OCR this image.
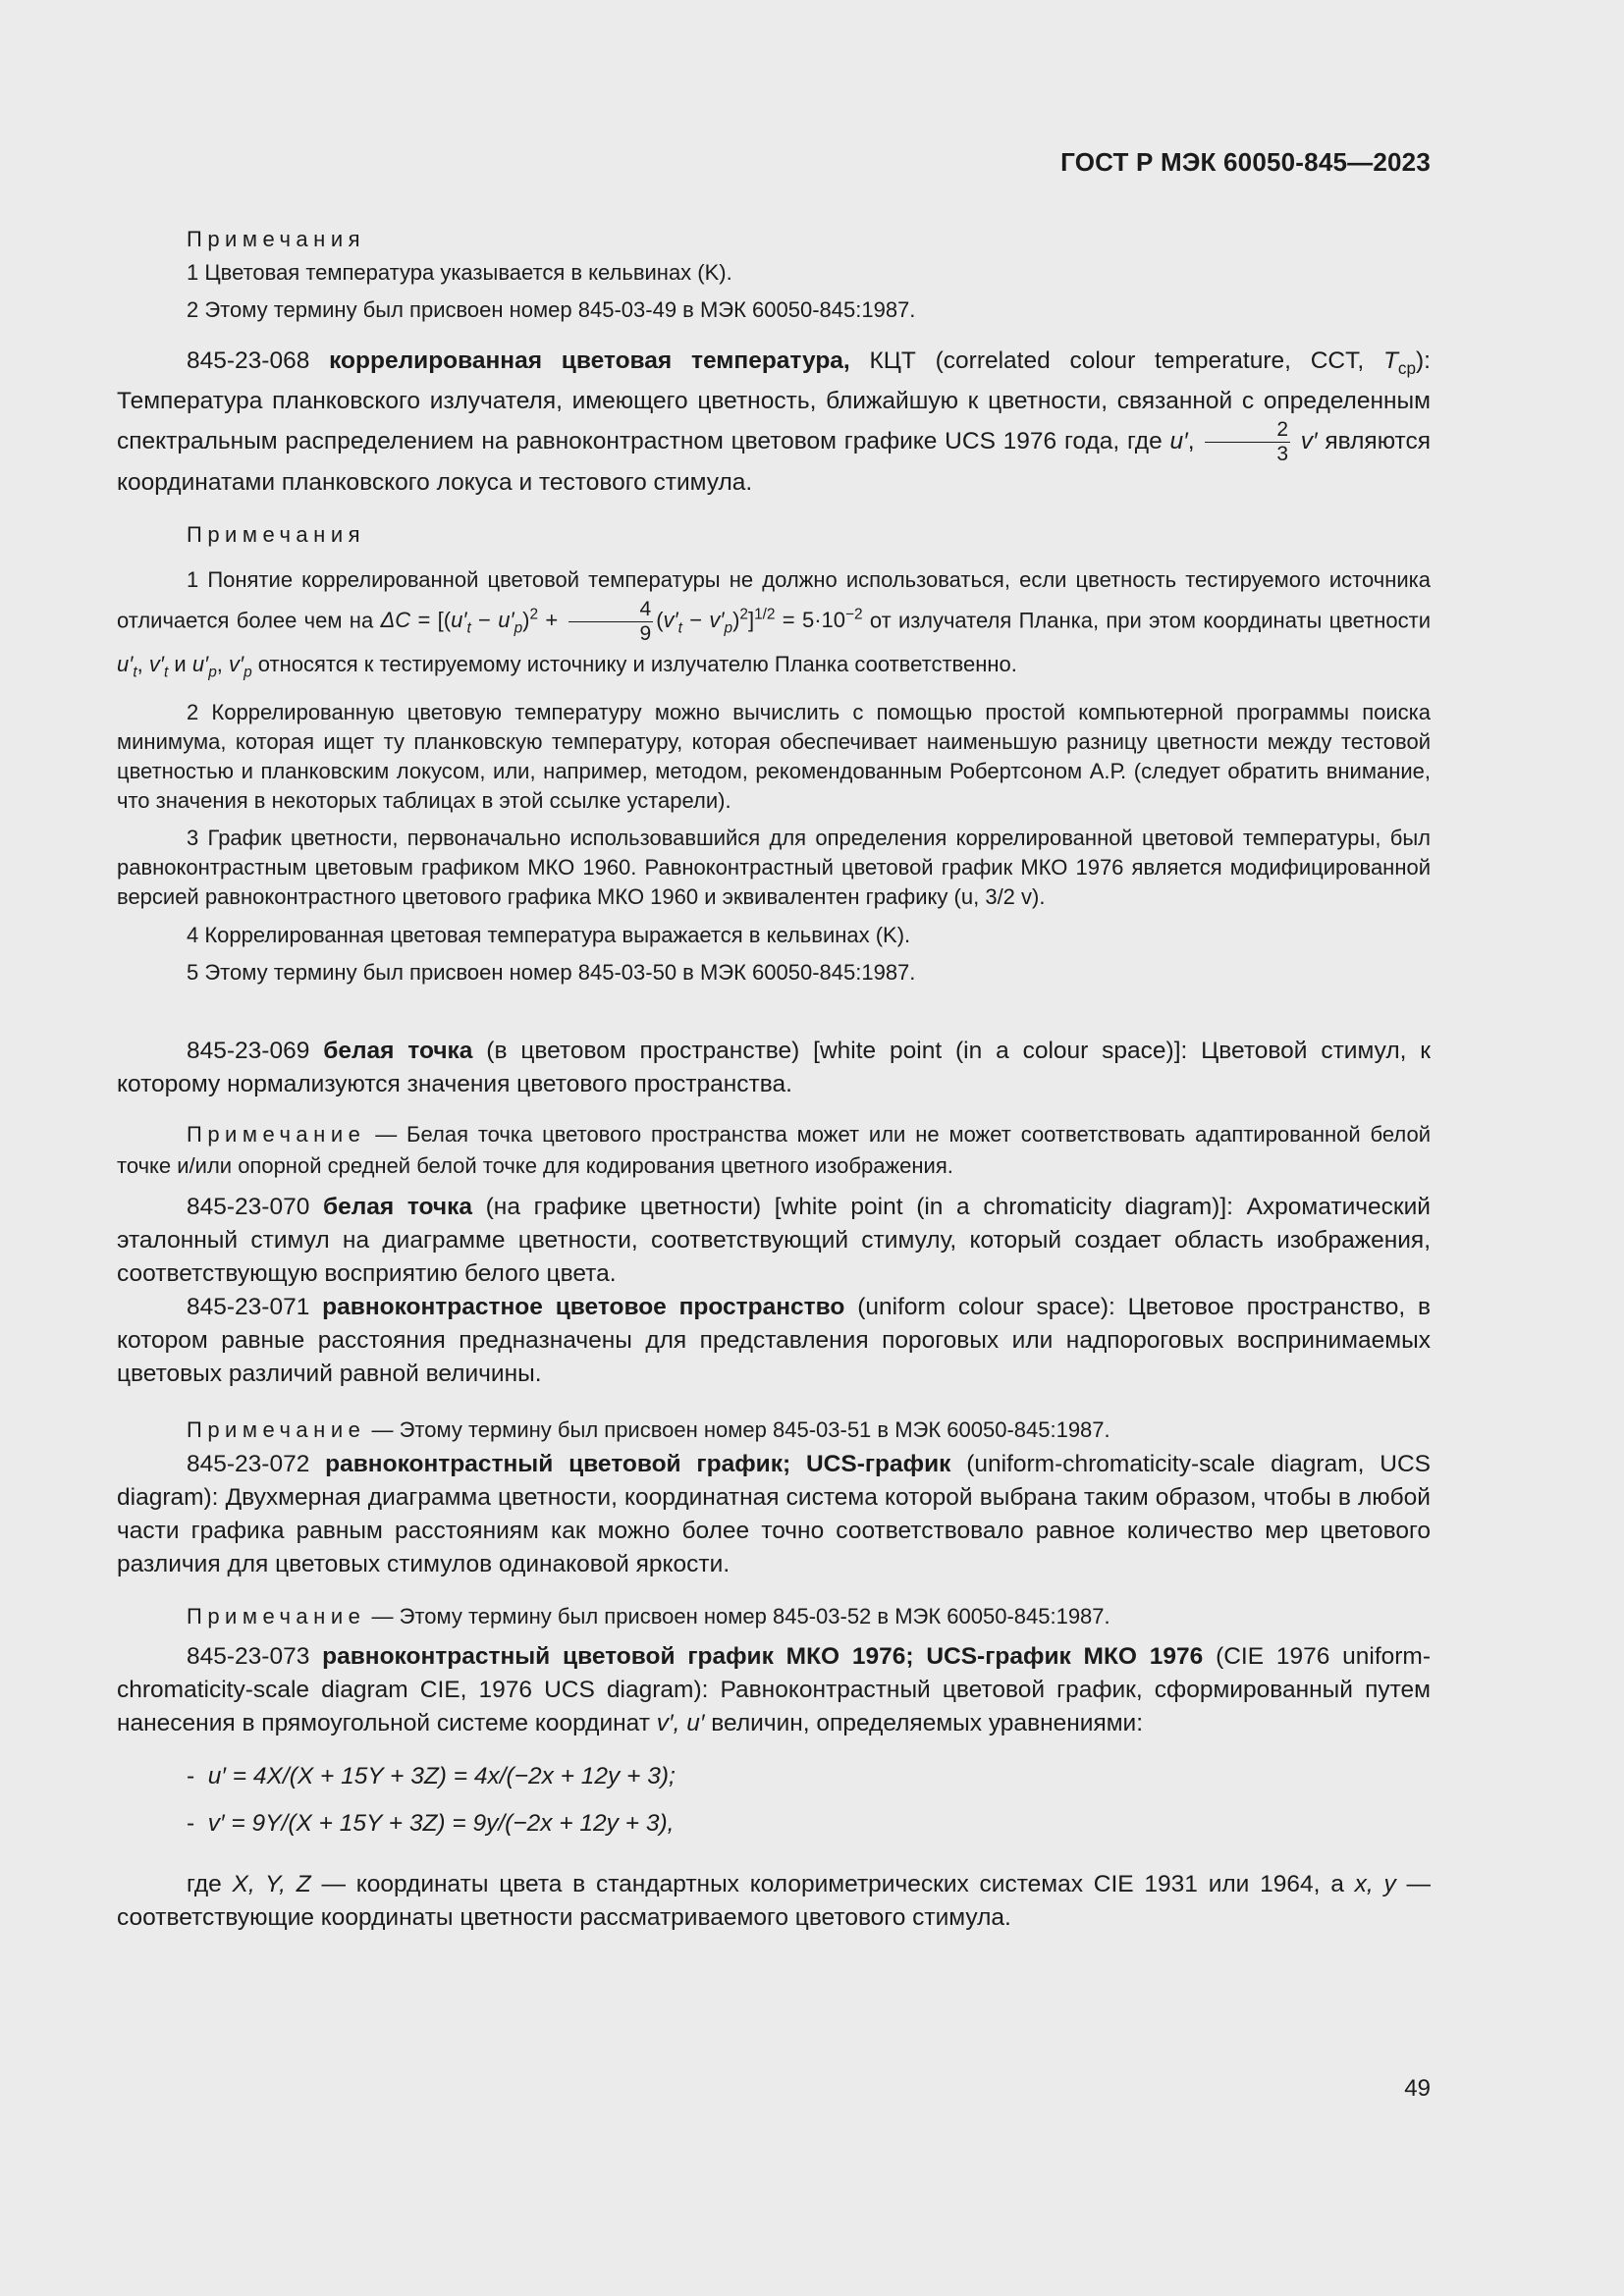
ГОСТ Р МЭК 60050-845—2023

Примечания

1 Цветовая температура указывается в кельвинах (K).

2 Этому термину был присвоен номер 845-03-49 в МЭК 60050-845:1987.

845-23-068 коррелированная цветовая температура, КЦТ (correlated colour temperature, CCT, $T_{ср}$): Температура планковского излучателя, имеющего цветность, ближайшую к цветности, связанной с определенным спектральным распределением на равноконтрастном цветовом графике UCS 1976 года, где u′, $\frac{2}{3} v'$ являются координатами планковского локуса и тестового стимула.

Примечания

1 Понятие коррелированной цветовой температуры не должно использоваться, если цветность тестируемого источника отличается более чем на $\Delta C = [(u'_t - u'_p)^2 + \frac{4}{9} (v'_t - v'_p)^2]^{1/2} = 5\cdot 10^{-2}$ от излучателя Планка, при этом координаты цветности $u'_t$, $v'_t$ и $u'_p$, $v'_p$ относятся к тестируемому источнику и излучателю Планка соответственно.

2 Коррелированную цветовую температуру можно вычислить с помощью простой компьютерной программы поиска минимума, которая ищет ту планковскую температуру, которая обеспечивает наименьшую разницу цветности между тестовой цветностью и планковским локусом, или, например, методом, рекомендованным Робертсоном А.Р. (следует обратить внимание, что значения в некоторых таблицах в этой ссылке устарели).

3 График цветности, первоначально использовавшийся для определения коррелированной цветовой температуры, был равноконтрастным цветовым графиком МКО 1960. Равноконтрастный цветовой график МКО 1976 является модифицированной версией равноконтрастного цветового графика МКО 1960 и эквивалентен графику (u, 3/2 v).

4 Коррелированная цветовая температура выражается в кельвинах (K).

5 Этому термину был присвоен номер 845-03-50 в МЭК 60050-845:1987.

845-23-069 белая точка (в цветовом пространстве) [white point (in a colour space)]: Цветовой стимул, к которому нормализуются значения цветового пространства.

Примечание — Белая точка цветового пространства может или не может соответствовать адаптированной белой точке и/или опорной средней белой точке для кодирования цветного изображения.

845-23-070 белая точка (на графике цветности) [white point (in a chromaticity diagram)]: Ахроматический эталонный стимул на диаграмме цветности, соответствующий стимулу, который создает область изображения, соответствующую восприятию белого цвета.

845-23-071 равноконтрастное цветовое пространство (uniform colour space): Цветовое пространство, в котором равные расстояния предназначены для представления пороговых или надпороговых воспринимаемых цветовых различий равной величины.

Примечание — Этому термину был присвоен номер 845-03-51 в МЭК 60050-845:1987.

845-23-072 равноконтрастный цветовой график; UCS-график (uniform-chromaticity-scale diagram, UCS diagram): Двухмерная диаграмма цветности, координатная система которой выбрана таким образом, чтобы в любой части графика равным расстояниям как можно более точно соответствовало равное количество мер цветового различия для цветовых стимулов одинаковой яркости.

Примечание — Этому термину был присвоен номер 845-03-52 в МЭК 60050-845:1987.

845-23-073 равноконтрастный цветовой график МКО 1976; UCS-график МКО 1976 (CIE 1976 uniform-chromaticity-scale diagram CIE, 1976 UCS diagram): Равноконтрастный цветовой график, сформированный путем нанесения в прямоугольной системе координат v′, u′ величин, определяемых уравнениями:

-  u′ = 4X/(X + 15Y + 3Z) = 4x/(−2x + 12y + 3);

-  v′ = 9Y/(X + 15Y + 3Z) = 9y/(−2x + 12y + 3),

где X, Y, Z — координаты цвета в стандартных колориметрических системах CIE 1931 или 1964, а x, y — соответствующие координаты цветности рассматриваемого цветового стимула.

49
